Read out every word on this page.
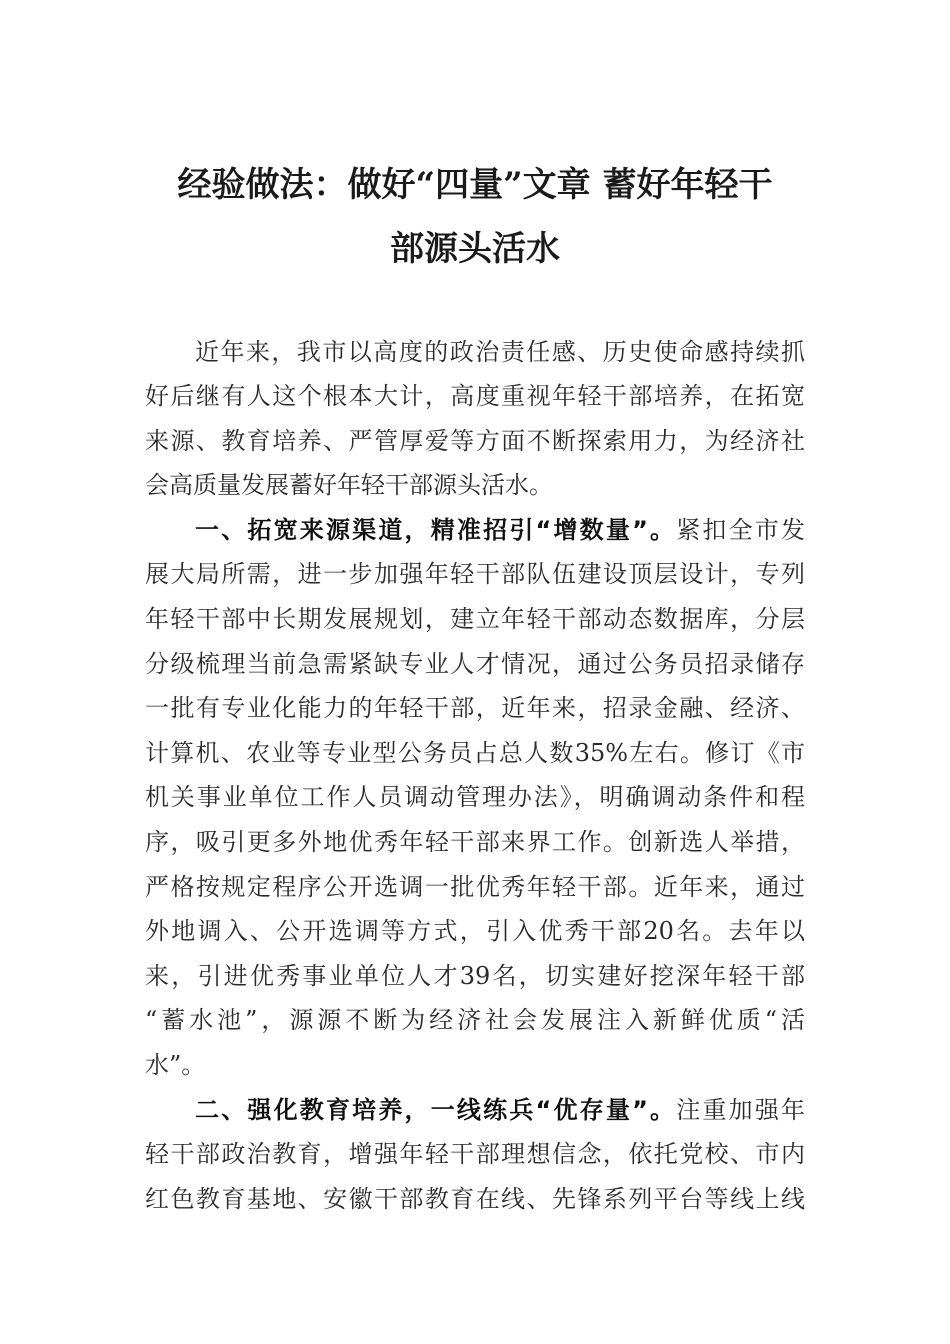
经验做法：做好“四量”文章 蓄好年轻干
部源头活水

近年来，我市以高度的政治责任感、历史使命感持续抓

好后继有人这个根本大计，高度重视年轻干部培养，在拓宽

来源、教育培养、严管厚爱等方面不断探索用力，为经济社

会高质量发展蓄好年轻干部源头活水。

一、拓宽来源渠道，精准招引“增数量”。紧扣全市发

展大局所需，进一步加强年轻干部队伍建设顶层设计，专列

年轻干部中长期发展规划，建立年轻干部动态数据库，分层

分级梳理当前急需紧缺专业人才情况，通过公务员招录储存

一批有专业化能力的年轻干部，近年来，招录金融、经济、

计算机、农业等专业型公务员占总人数35%左右。修订《市

机关事业单位工作人员调动管理办法》，明确调动条件和程

序，吸引更多外地优秀年轻干部来界工作。创新选人举措，

严格按规定程序公开选调一批优秀年轻干部。近年来，通过

外地调入、公开选调等方式，引入优秀干部20名。去年以

来，引进优秀事业单位人才39名，切实建好挖深年轻干部

“蓄水池”，源源不断为经济社会发展注入新鲜优质“活

水”。

二、强化教育培养，一线练兵“优存量”。注重加强年

轻干部政治教育，增强年轻干部理想信念，依托党校、市内

红色教育基地、安徽干部教育在线、先锋系列平台等线上线
